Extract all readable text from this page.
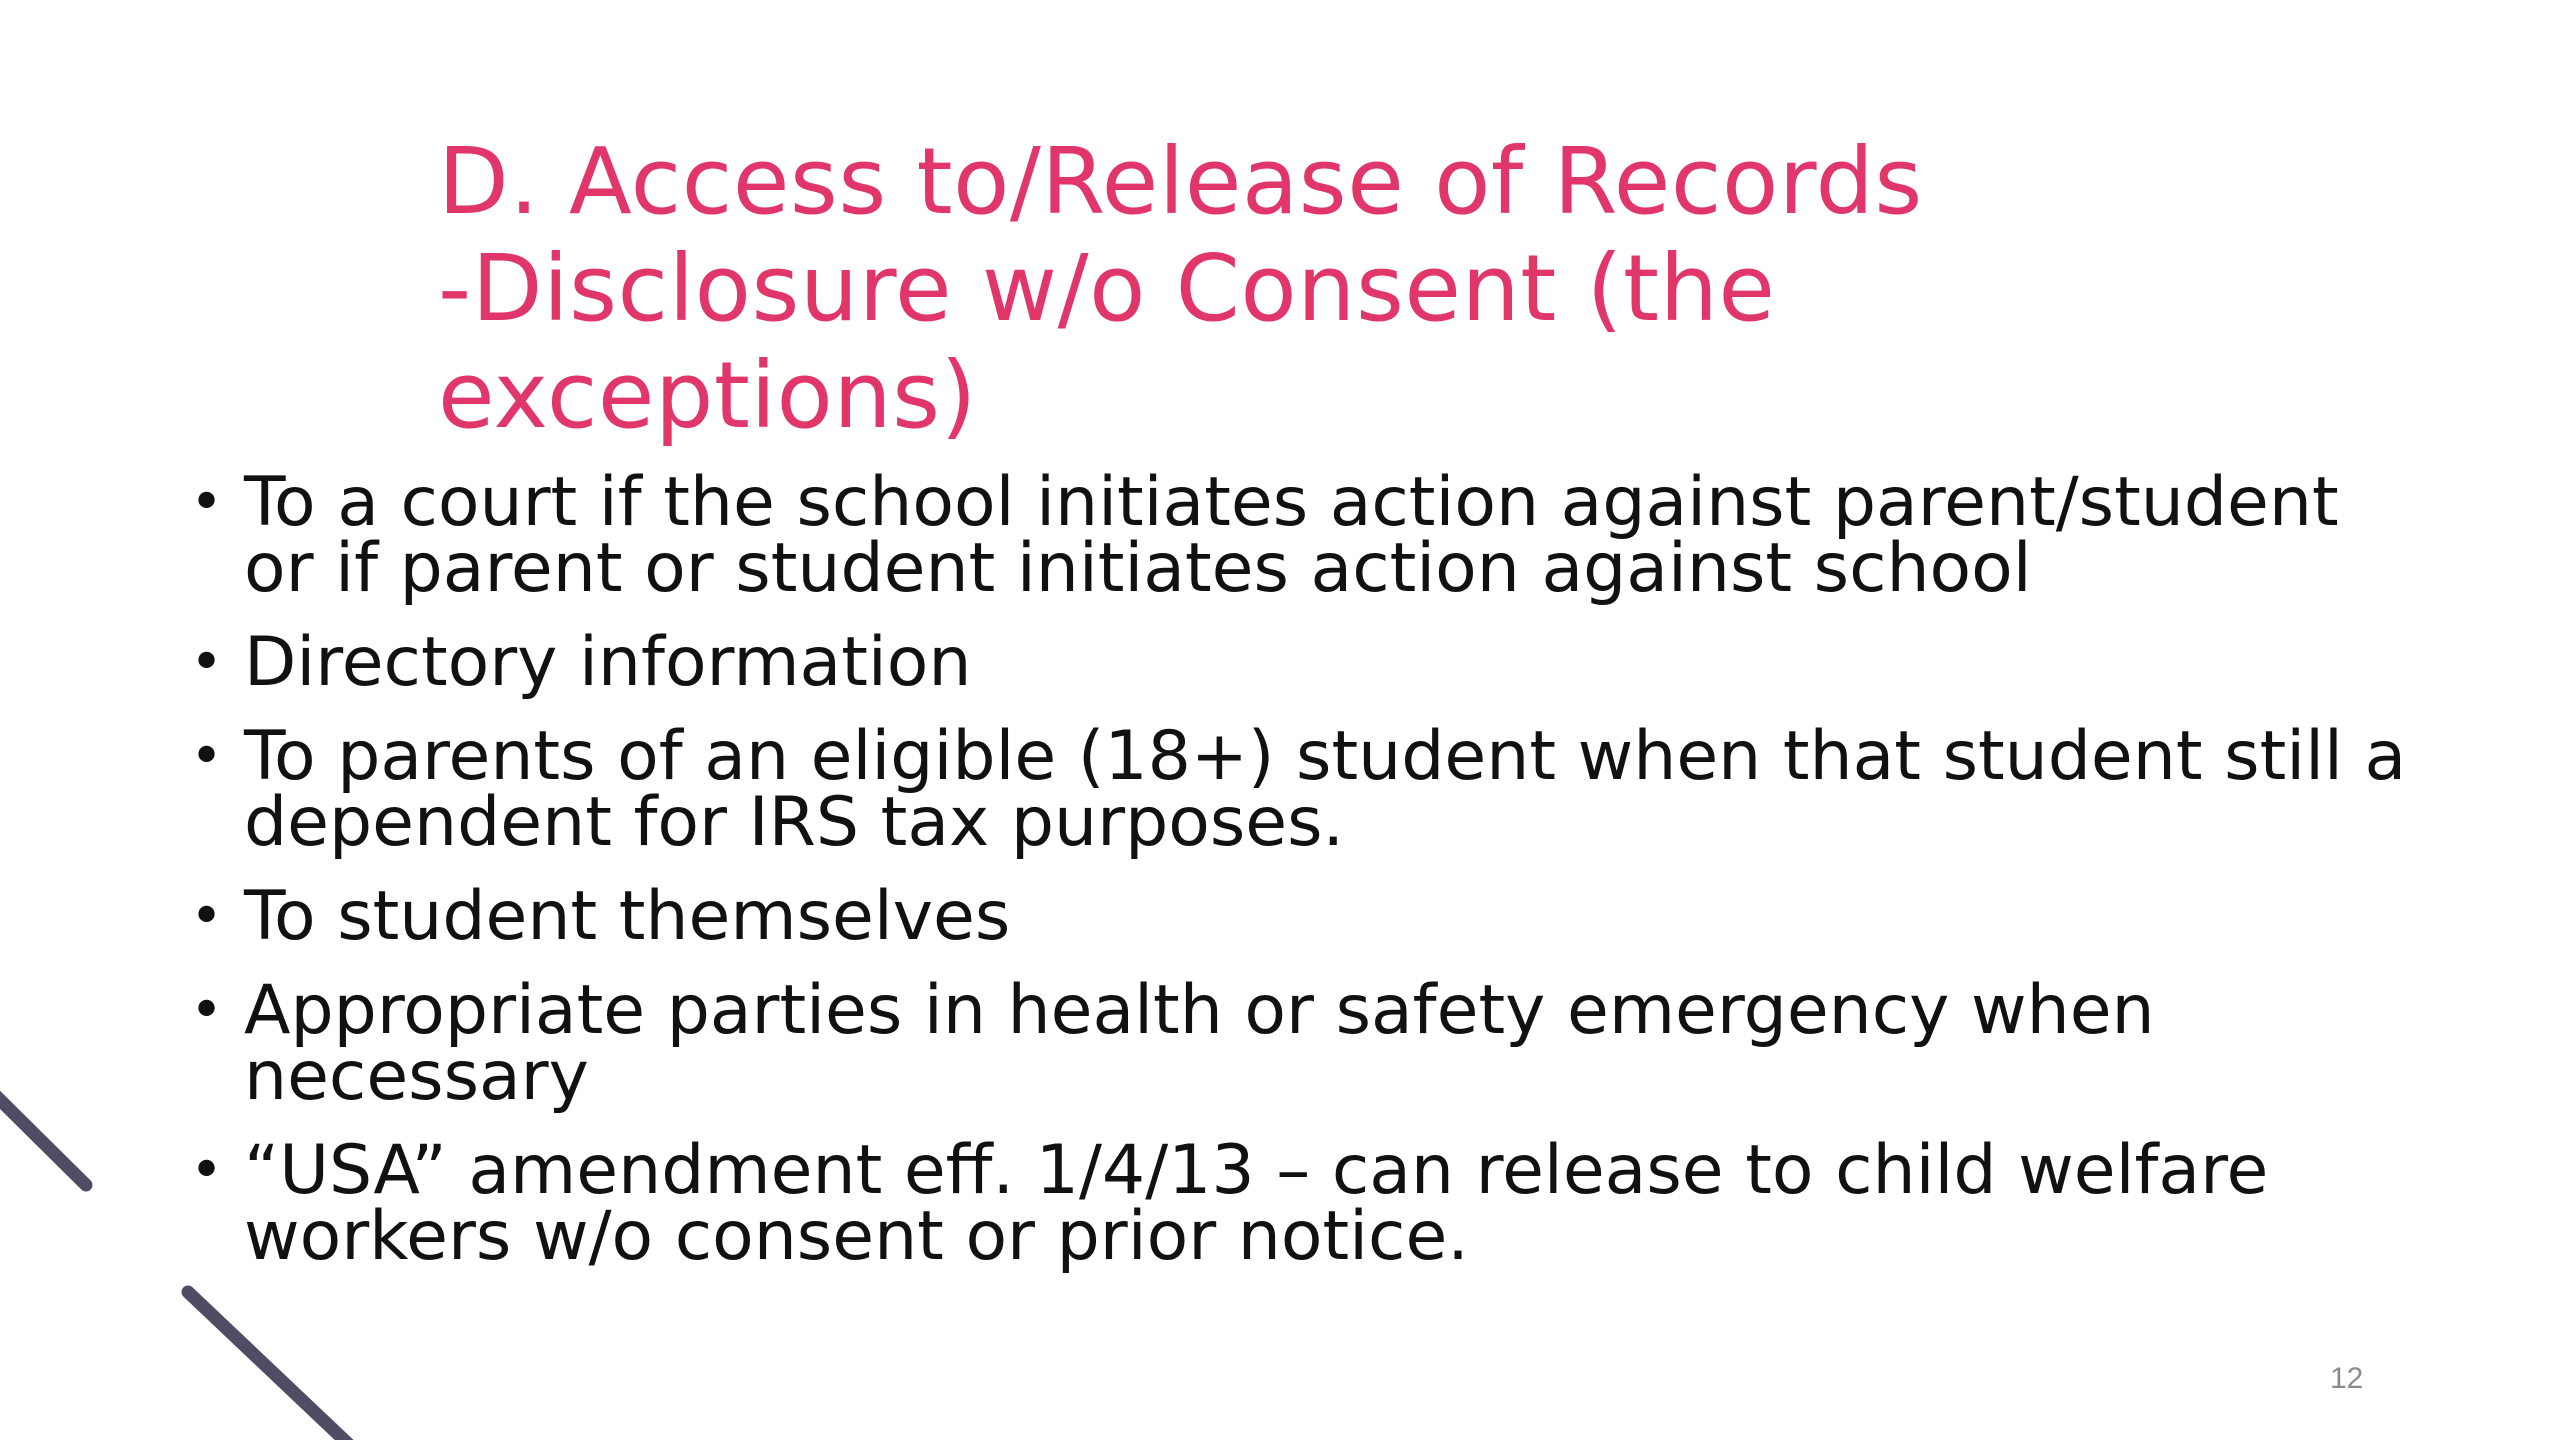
D. Access to/Release of Records
-Disclosure w/o Consent (the
exceptions)
• To a court if the school initiates action against parent/student
or if parent or student initiates action against school
• Directory information
• To parents of an eligible (18+) student when that student still a
dependent for IRS tax purposes.
• To student themselves
• Appropriate parties in health or safety emergency when
necessary
• “USA” amendment eff. 1/4/13 – can release to child welfare
workers w/o consent or prior notice.
12
